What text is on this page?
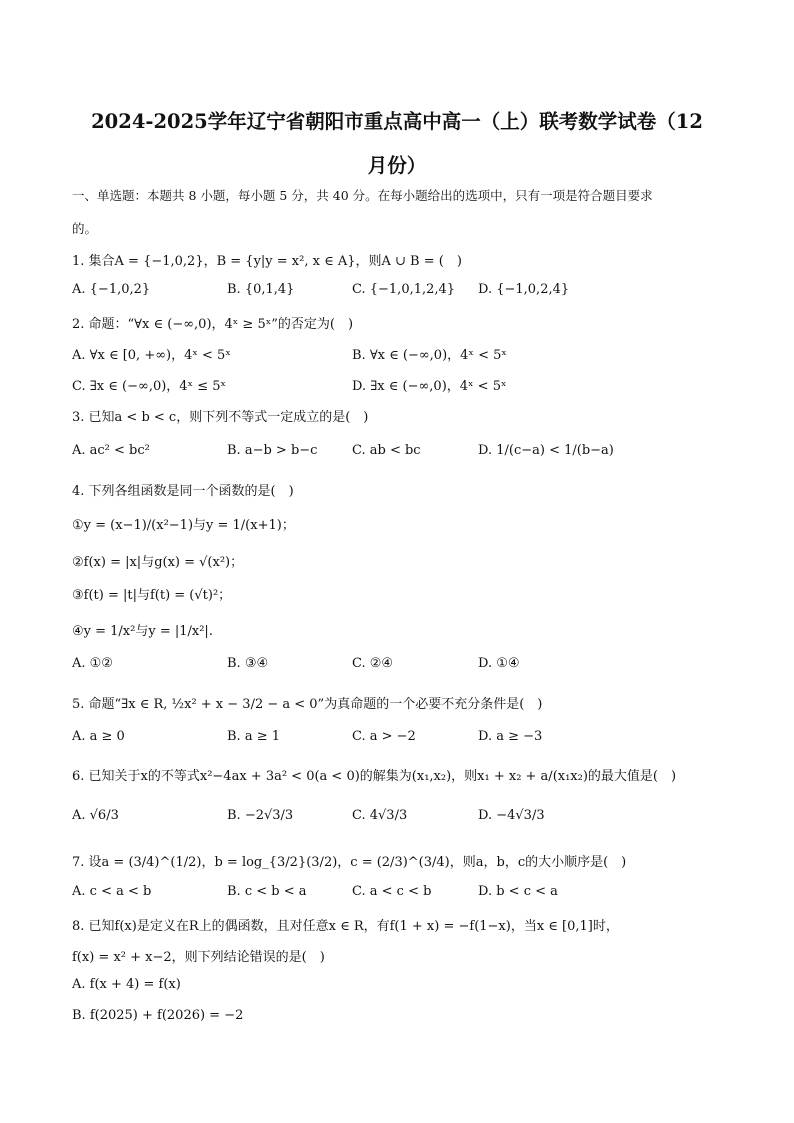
2024-2025学年辽宁省朝阳市重点高中高一（上）联考数学试卷（12
月份）
一、单选题：本题共 8 小题，每小题 5 分，共 40 分。在每小题给出的选项中，只有一项是符合题目要求
的。
1. 集合A = {−1,0,2}，B = {y|y = x², x ∈ A}，则A ∪ B = (　)
A. {−1,0,2}	B. {0,1,4}	C. {−1,0,1,2,4} D. {−1,0,2,4}
2. 命题：“∀x ∈ (−∞,0)，4ˣ ≥ 5ˣ”的否定为(　)
A. ∀x ∈ [0, +∞)，4ˣ < 5ˣ	B. ∀x ∈ (−∞,0)，4ˣ < 5ˣ
C. ∃x ∈ (−∞,0)，4ˣ ≤ 5ˣ	D. ∃x ∈ (−∞,0)，4ˣ < 5ˣ
3. 已知a < b < c，则下列不等式一定成立的是(　)
A. ac² < bc²	B. a−b > b−c	C. ab < bc	D. 1/(c−a) < 1/(b−a)
4. 下列各组函数是同一个函数的是(　)
①y = (x−1)/(x²−1)与y = 1/(x+1)；
②f(x) = |x|与g(x) = √(x²)；
③f(t) = |t|与f(t) = (√t)²；
④y = 1/x²与y = |1/x²|.
A. ①②	B. ③④	C. ②④	D. ①④
5. 命题“∃x ∈ R, ½x² + x − 3/2 − a < 0”为真命题的一个必要不充分条件是(　)
A. a ≥ 0	B. a ≥ 1	C. a > −2	D. a ≥ −3
6. 已知关于x的不等式x²−4ax + 3a² < 0(a < 0)的解集为(x₁,x₂)，则x₁ + x₂ + a/(x₁x₂)的最大值是(　)
A. √6/3	B. −2√3/3	C. 4√3/3	D. −4√3/3
7. 设a = (3/4)^(1/2)，b = log_{3/2}(3/2)，c = (2/3)^(3/4)，则a，b，c的大小顺序是(　)
A. c < a < b	B. c < b < a	C. a < c < b	D. b < c < a
8. 已知f(x)是定义在R上的偶函数，且对任意x ∈ R，有f(1 + x) = −f(1−x)，当x ∈ [0,1]时，
f(x) = x² + x−2，则下列结论错误的是(　)
A. f(x + 4) = f(x)
B. f(2025) + f(2026) = −2
